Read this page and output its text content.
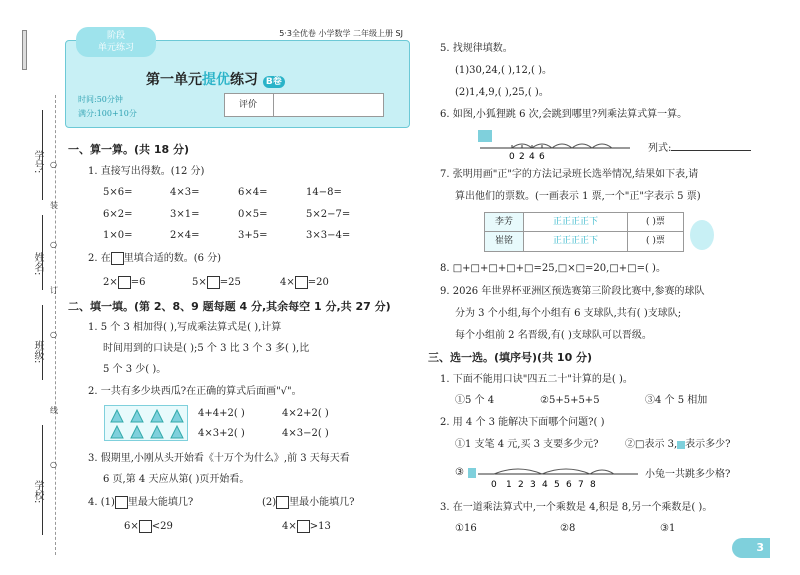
学号:
姓名:
班级:
学校:
○
装
○
订
○
线
○
阶段
单元练习
5·3全优卷 小学数学 二年级上册 SJ
第一单元提优练习 B卷
时间:50分钟
满分:100+10分
评价
一、算一算。(共 18 分)
1. 直接写出得数。(12 分)
5×6=	4×3=	6×4=	14−8=
6×2=	3×1=	0×5=	5×2−7=
1×0=	2×4=	3+5=	3×3−4=
2. 在 里填合适的数。(6 分)
2× =6	5× =25	4× =20
二、填一填。(第 2、8、9 题每题 4 分,其余每空 1 分,共 27 分)
1. 5 个 3 相加得( ),写成乘法算式是( ),计算
时间用到的口诀是( );5 个 3 比 3 个 3 多( ),比
5 个 3 少( )。
2. 一共有多少块西瓜?在正确的算式后面画"√"。
4+4+2( )	4×2+2( )
4×3+2( )	4×3−2( )
3. 假期里,小刚从头开始看《十万个为什么》,前 3 天每天看
6 页,第 4 天应从第( )页开始看。
4. (1) 里最大能填几?	(2) 里最小能填几?
6× <29	4× >13
5. 找规律填数。
(1)30,24,( ),12,( )。
(2)1,4,9,( ),25,( )。
6. 如图,小狐狸跳 6 次,会跳到哪里?列乘法算式算一算。
0 2 4 6
列式:
7. 张明用画"正"字的方法记录班长选举情况,结果如下表,请
算出他们的票数。(一画表示 1 票,一个"正"字表示 5 票)
李芳	正正正正下	( )票
崔铭	正正正正下	( )票
8. □+□+□+□+□=25,□×□=20,□+□=( )。
9. 2026 年世界杯亚洲区预选赛第三阶段比赛中,参赛的球队
分为 3 个小组,每个小组有 6 支球队,共有( )支球队;
每个小组前 2 名晋级,有( )支球队可以晋级。
三、选一选。(填序号)(共 10 分)
1. 下面不能用口诀"四五二十"计算的是( )。
①5 个 4	②5+5+5+5	③4 个 5 相加
2. 用 4 个 3 能解决下面哪个问题?( )
①1 支笔 4 元,买 3 支要多少元?	②□表示 3, 表示多少?
③
0 1 2 3 4 5 6 7 8
小兔一共跳多少格?
3. 在一道乘法算式中,一个乘数是 4,积是 8,另一个乘数是( )。
①16	②8	③1
3
